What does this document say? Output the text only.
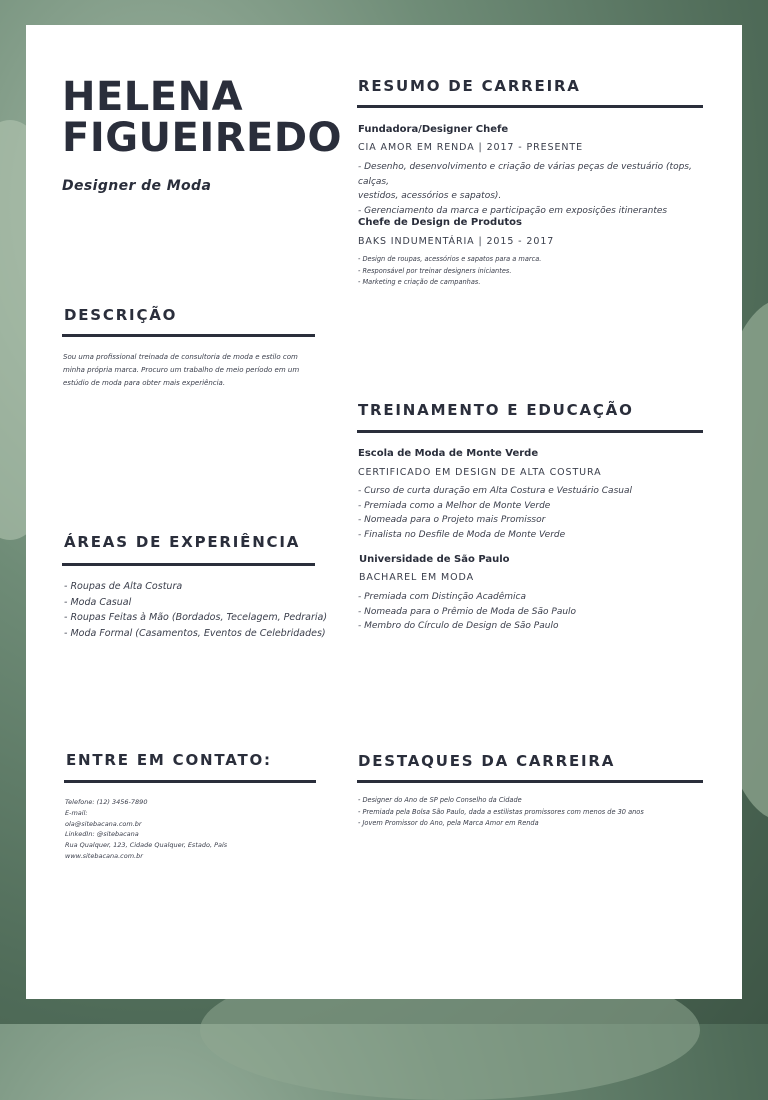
HELENA
FIGUEIREDO
Designer de Moda
DESCRIÇÃO
Sou uma profissional treinada de consultoria de moda e estilo com minha própria marca. Procuro um trabalho de meio período em um estúdio de moda para obter mais experiência.
ÁREAS DE EXPERIÊNCIA
- Roupas de Alta Costura
- Moda Casual
- Roupas Feitas à Mão (Bordados, Tecelagem, Pedraria)
- Moda Formal (Casamentos, Eventos de Celebridades)
ENTRE EM CONTATO:
Telefone: (12) 3456-7890
E-mail:
ola@sitebacana.com.br
LinkedIn: @sitebacana
Rua Qualquer, 123, Cidade Qualquer, Estado, País
www.sitebacana.com.br
RESUMO DE CARREIRA
Fundadora/Designer Chefe
CIA AMOR EM RENDA | 2017 - PRESENTE
- Desenho, desenvolvimento e criação de várias peças de vestuário (tops, calças,
vestidos, acessórios e sapatos).
- Gerenciamento da marca e participação em exposições itinerantes
Chefe de Design de Produtos
BAKS INDUMENTÁRIA | 2015 - 2017
- Design de roupas, acessórios e sapatos para a marca.
- Responsável por treinar designers iniciantes.
- Marketing e criação de campanhas.
TREINAMENTO E EDUCAÇÃO
Escola de Moda de Monte Verde
CERTIFICADO EM DESIGN DE ALTA COSTURA
- Curso de curta duração em Alta Costura e Vestuário Casual
- Premiada como a Melhor de Monte Verde
- Nomeada para o Projeto mais Promissor
- Finalista no Desfile de Moda de Monte Verde
Universidade de São Paulo
BACHAREL EM MODA
- Premiada com Distinção Acadêmica
- Nomeada para o Prêmio de Moda de São Paulo
- Membro do Círculo de Design de São Paulo
DESTAQUES DA CARREIRA
- Designer do Ano de SP pelo Conselho da Cidade
- Premiada pela Bolsa São Paulo, dada a estilistas promissores com menos de 30 anos
- Jovem Promissor do Ano, pela Marca Amor em Renda
